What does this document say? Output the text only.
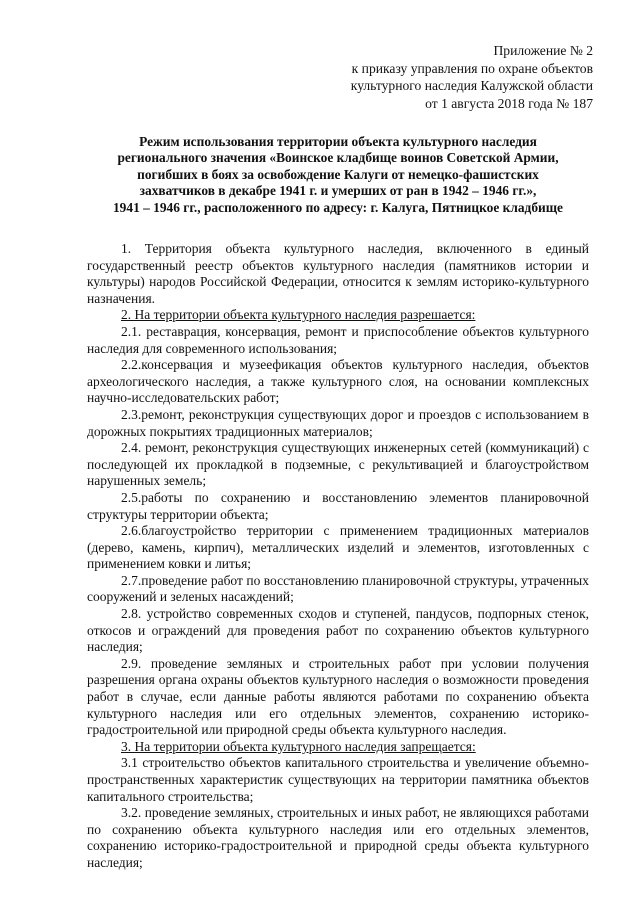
Приложение № 2
к приказу управления по охране объектов
культурного наследия Калужской области
от 1 августа 2018 года № 187
Режим использования территории объекта культурного наследия
регионального значения «Воинское кладбище воинов Советской Армии,
погибших в боях за освобождение Калуги от немецко-фашистских
захватчиков в декабре 1941 г. и умерших от ран в 1942 – 1946 гг.»,
1941 – 1946 гг., расположенного по адресу: г. Калуга, Пятницкое кладбище

1. Территория объекта культурного наследия, включенного в единый государственный реестр объектов культурного наследия (памятников истории и культуры) народов Российской Федерации, относится к землям историко-культурного назначения.

2. На территории объекта культурного наследия разрешается:

2.1. реставрация, консервация, ремонт и приспособление объектов культурного наследия для современного использования;

2.2.консервация и музеефикация объектов культурного наследия, объектов археологического наследия, а также культурного слоя, на основании комплексных научно-исследовательских работ;

2.3.ремонт, реконструкция существующих дорог и проездов с использованием в дорожных покрытиях традиционных материалов;

2.4. ремонт, реконструкция существующих инженерных сетей (коммуникаций) с последующей их прокладкой в подземные, с рекультивацией и благоустройством нарушенных земель;

2.5.работы по сохранению и восстановлению элементов планировочной структуры территории объекта;

2.6.благоустройство территории с применением традиционных материалов (дерево, камень, кирпич), металлических изделий и элементов, изготовленных с применением ковки и литья;

2.7.проведение работ по восстановлению планировочной структуры, утраченных сооружений и зеленых насаждений;

2.8. устройство современных сходов и ступеней, пандусов, подпорных стенок, откосов и ограждений для проведения работ по сохранению объектов культурного наследия;

2.9. проведение земляных и строительных работ при условии получения разрешения органа охраны объектов культурного наследия о возможности проведения работ в случае, если данные работы являются работами по сохранению объекта культурного наследия или его отдельных элементов, сохранению историко-градостроительной или природной среды объекта культурного наследия.

3. На территории объекта культурного наследия запрещается:

3.1 строительство объектов капитального строительства и увеличение объемно-пространственных характеристик существующих на территории памятника объектов капитального строительства;

3.2. проведение земляных, строительных и иных работ, не являющихся работами по сохранению объекта культурного наследия или его отдельных элементов, сохранению историко-градостроительной и природной среды объекта культурного наследия;
